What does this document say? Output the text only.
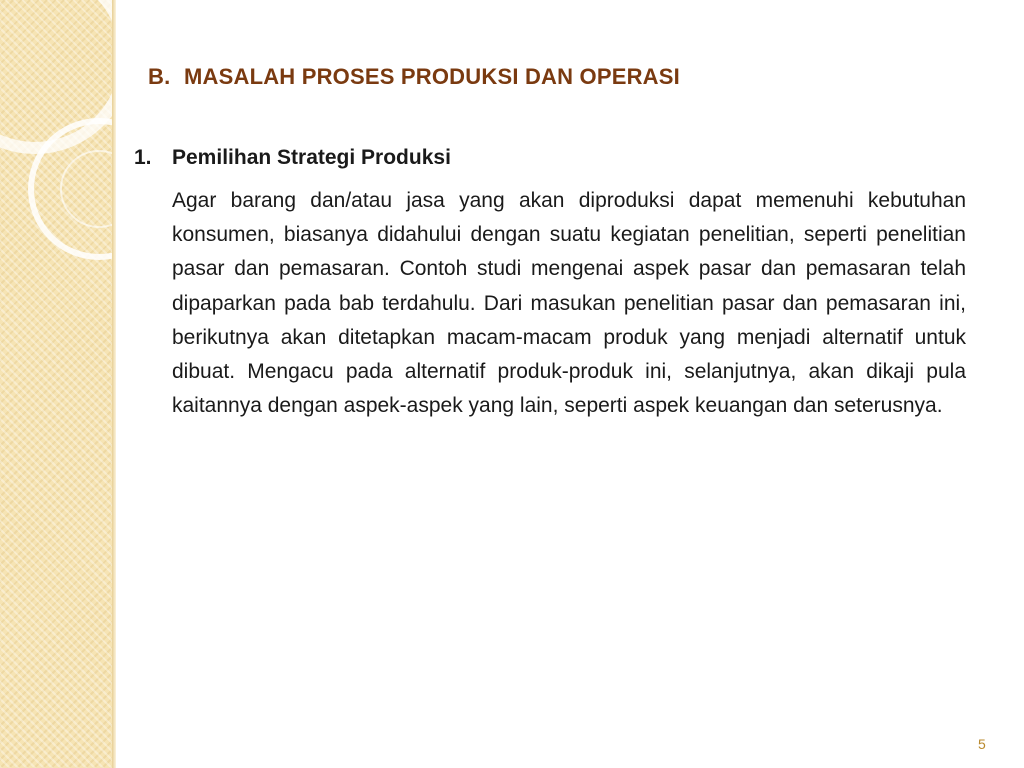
B. MASALAH PROSES PRODUKSI DAN OPERASI
1. Pemilihan Strategi Produksi

Agar barang dan/atau jasa yang akan diproduksi dapat memenuhi kebutuhan konsumen, biasanya didahului dengan suatu kegiatan penelitian, seperti penelitian pasar dan pemasaran. Contoh studi mengenai aspek pasar dan pemasaran telah dipaparkan pada bab terdahulu. Dari masukan penelitian pasar dan pemasaran ini, berikutnya akan ditetapkan macam-macam produk yang menjadi alternatif untuk dibuat. Mengacu pada alternatif produk-produk ini, selanjutnya, akan dikaji pula kaitannya dengan aspek-aspek yang lain, seperti aspek keuangan dan seterusnya.

5
